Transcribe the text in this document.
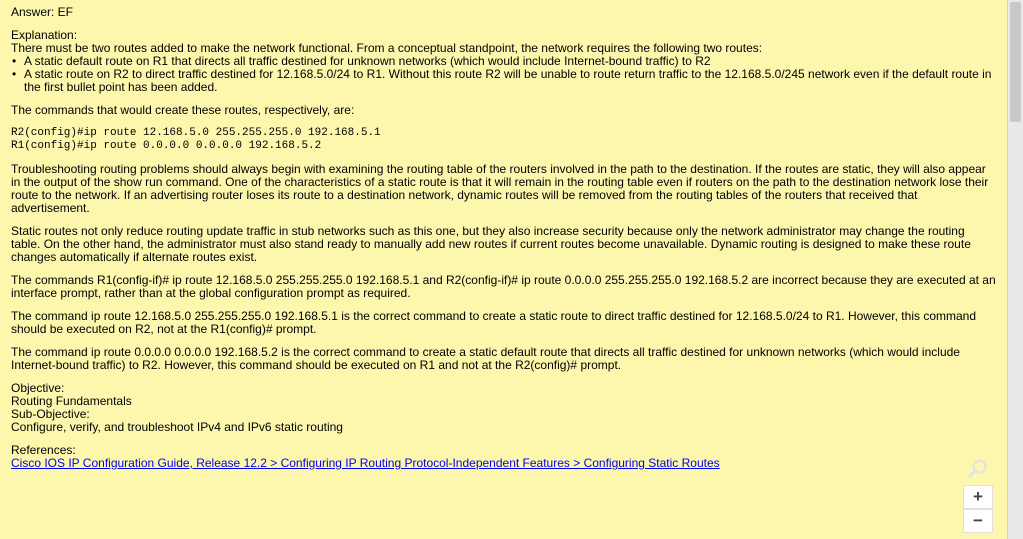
Answer: EF

Explanation:

There must be two routes added to make the network functional. From a conceptual standpoint, the network requires the following two routes:

• A static default route on R1 that directs all traffic destined for unknown networks (which would include Internet-bound traffic) to R2
• A static route on R2 to direct traffic destined for 12.168.5.0/24 to R1. Without this route R2 will be unable to route return traffic to the 12.168.5.0/245 network even if the default route in the first bullet point has been added.

The commands that would create these routes, respectively, are:

R2(config)#ip route 12.168.5.0 255.255.255.0 192.168.5.1
R1(config)#ip route 0.0.0.0 0.0.0.0 192.168.5.2

Troubleshooting routing problems should always begin with examining the routing table of the routers involved in the path to the destination. If the routes are static, they will also appear in the output of the show run command. One of the characteristics of a static route is that it will remain in the routing table even if routers on the path to the destination network lose their route to the network. If an advertising router loses its route to a destination network, dynamic routes will be removed from the routing tables of the routers that received that advertisement.

Static routes not only reduce routing update traffic in stub networks such as this one, but they also increase security because only the network administrator may change the routing table. On the other hand, the administrator must also stand ready to manually add new routes if current routes become unavailable. Dynamic routing is designed to make these route changes automatically if alternate routes exist.

The commands R1(config-if)# ip route 12.168.5.0 255.255.255.0 192.168.5.1 and R2(config-if)# ip route 0.0.0.0 255.255.255.0 192.168.5.2 are incorrect because they are executed at an interface prompt, rather than at the global configuration prompt as required.

The command ip route 12.168.5.0 255.255.255.0 192.168.5.1 is the correct command to create a static route to direct traffic destined for 12.168.5.0/24 to R1. However, this command should be executed on R2, not at the R1(config)# prompt.

The command ip route 0.0.0.0 0.0.0.0 192.168.5.2 is the correct command to create a static default route that directs all traffic destined for unknown networks (which would include Internet-bound traffic) to R2. However, this command should be executed on R1 and not at the R2(config)# prompt.

Objective:

Routing Fundamentals

Sub-Objective:

Configure, verify, and troubleshoot IPv4 and IPv6 static routing

References:

Cisco IOS IP Configuration Guide, Release 12.2 > Configuring IP Routing Protocol-Independent Features > Configuring Static Routes

+
−
